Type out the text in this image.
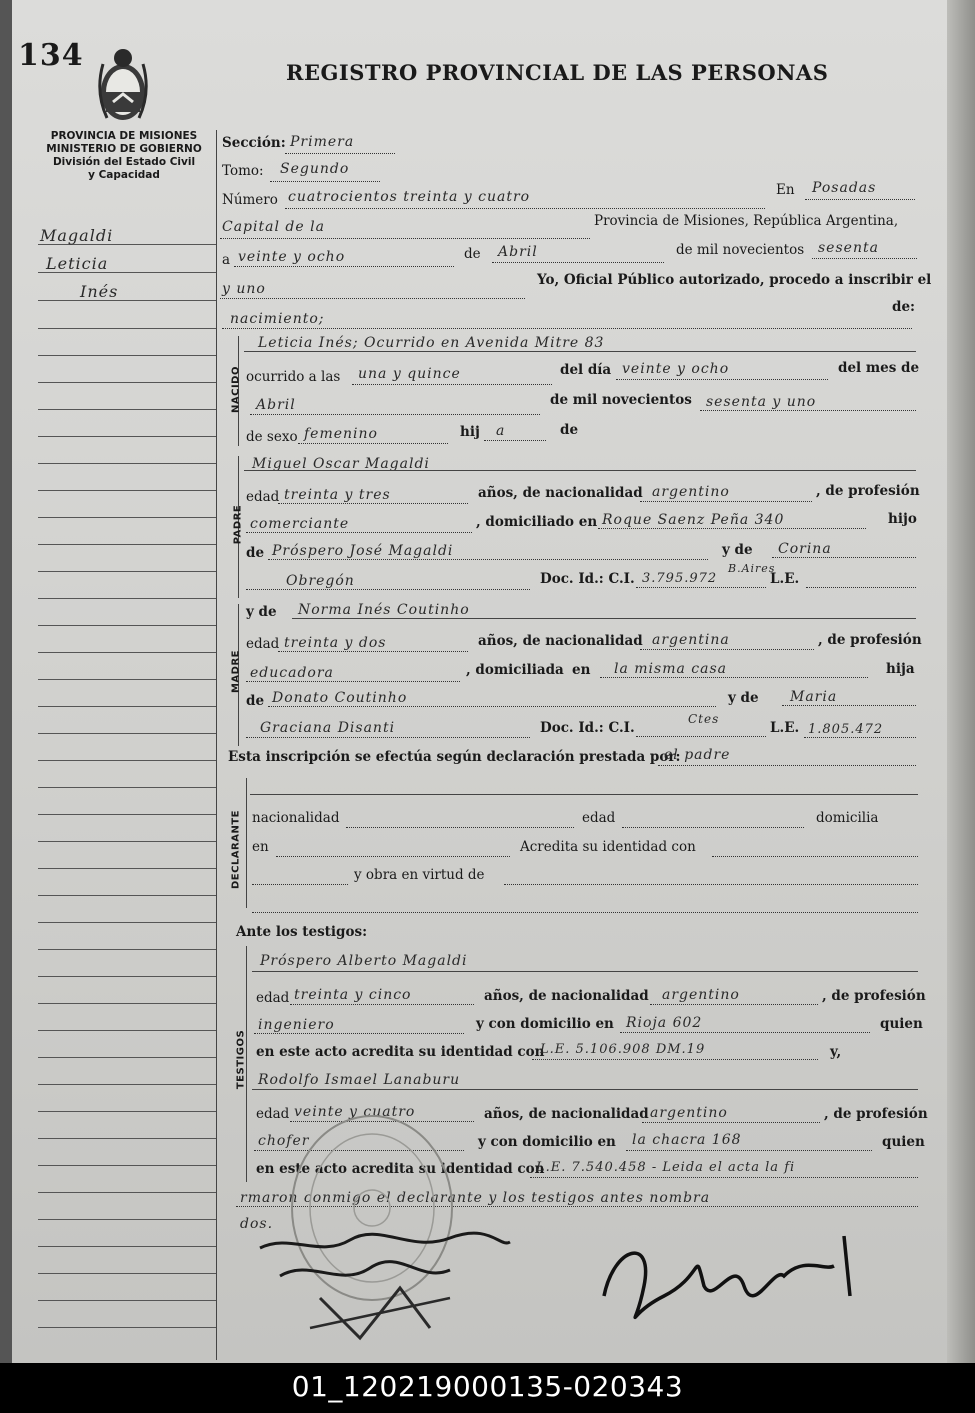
134	REGISTRO PROVINCIAL DE LAS PERSONAS
PROVINCIA DE MISIONES
MINISTERIO DE GOBIERNO
División del Estado Civil
y Capacidad
Magaldi
Leticia
Inés
Sección: Primera
Tomo: Segundo
Número cuatrocientos treinta y cuatro	En Posadas
Capital de la	Provincia de Misiones, República Argentina,
a veinte y ocho	de Abril	de mil novecientos sesenta
y uno
Yo, Oficial Público autorizado, procedo a inscribir el
de:
nacimiento;
NACIDO
Leticia Inés; Ocurrido en Avenida Mitre 83
ocurrido a las una y quince	del día veinte y ocho	del mes de
Abril	de mil novecientos sesenta y uno
de sexo femenino	hij a	de
PADRE
Miguel Oscar Magaldi
edad treinta y tres	años, de nacionalidad argentino	, de profesión
comerciante	, domiciliado en Roque Saenz Peña 340	hijo
de Próspero José Magaldi	y de Corina
Obregón	Doc. Id.: C.I. 3.795.972
B.Aires
L.E.
MADRE
y de Norma Inés Coutinho
edad treinta y dos	años, de nacionalidad argentina	, de profesión
educadora	, domiciliada en la misma casa	hija
de Donato Coutinho	y de Maria
Graciana Disanti	Doc. Id.: C.I.
Ctes
L.E. 1.805.472
Esta inscripción se efectúa según declaración prestada por:
el padre
DECLARANTE nacionalidad	edad	domicilia
en	Acredita su identidad con
y obra en virtud de
Ante los testigos:
TESTIGOS
Próspero Alberto Magaldi
edad treinta y cinco	años, de nacionalidad argentino	, de profesión
ingeniero	y con domicilio en Rioja 602	quien
en este acto acredita su identidad con
L.E. 5.106.908 DM.19	y,
Rodolfo Ismael Lanaburu
edad veinte y cuatro	años, de nacionalidad argentino	, de profesión
chofer	y con domicilio en la chacra 168	quien
en este acto acredita su identidad con
L.E. 7.540.458 - Leida el acta la fi
rmaron conmigo el declarante y los testigos antes nombra
dos.
01_120219000135-020343
